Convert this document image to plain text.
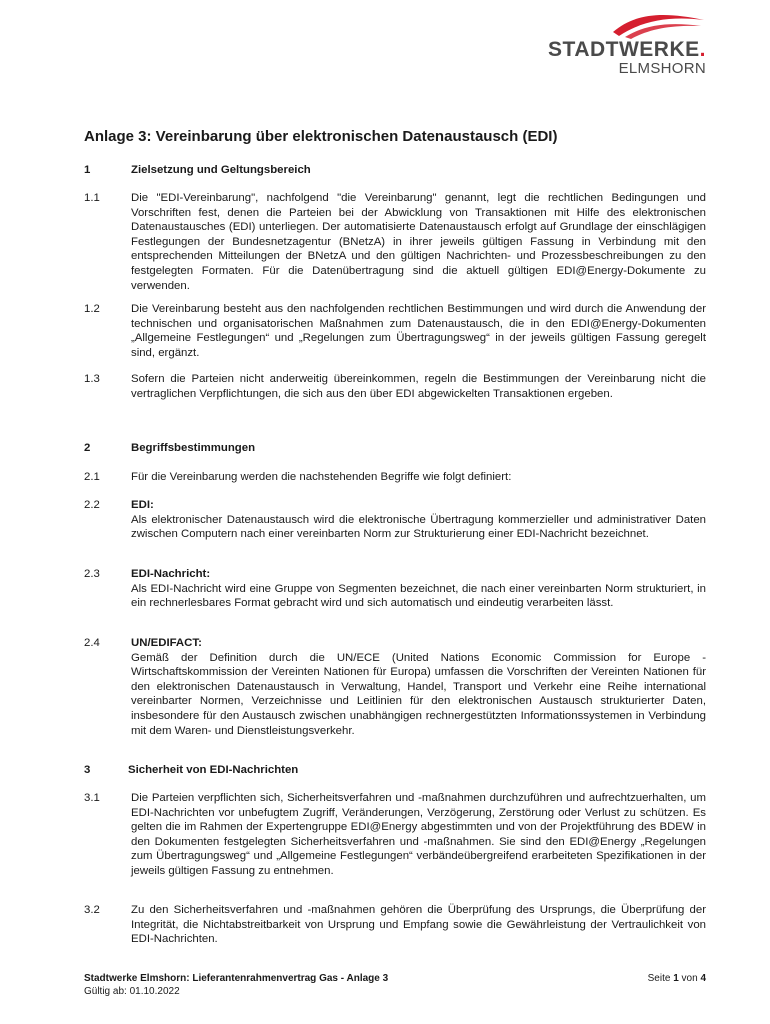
STADTWERKE.
ELMSHORN
Anlage 3: Vereinbarung über elektronischen Datenaustausch (EDI)
1	Zielsetzung und Geltungsbereich
1.1	Die "EDI-Vereinbarung", nachfolgend "die Vereinbarung" genannt, legt die rechtlichen Bedingungen und Vorschriften fest, denen die Parteien bei der Abwicklung von Transaktionen mit Hilfe des elektronischen Datenaustausches (EDI) unterliegen. Der automatisierte Datenaustausch erfolgt auf Grundlage der einschlägigen Festlegungen der Bundesnetzagentur (BNetzA) in ihrer jeweils gültigen Fassung in Verbindung mit den entsprechenden Mitteilungen der BNetzA und den gültigen Nachrichten- und Prozessbeschreibungen zu den festgelegten Formaten. Für die Datenübertragung sind die aktuell gültigen EDI@Energy-Dokumente zu verwenden.
1.2	Die Vereinbarung besteht aus den nachfolgenden rechtlichen Bestimmungen und wird durch die Anwendung der technischen und organisatorischen Maßnahmen zum Datenaustausch, die in den EDI@Energy-Dokumenten „Allgemeine Festlegungen“ und „Regelungen zum Übertragungsweg“ in der jeweils gültigen Fassung geregelt sind, ergänzt.
1.3	Sofern die Parteien nicht anderweitig übereinkommen, regeln die Bestimmungen der Vereinbarung nicht die vertraglichen Verpflichtungen, die sich aus den über EDI abgewickelten Transaktionen ergeben.
2	Begriffsbestimmungen
2.1	Für die Vereinbarung werden die nachstehenden Begriffe wie folgt definiert:
2.2	EDI:
Als elektronischer Datenaustausch wird die elektronische Übertragung kommerzieller und administrativer Daten zwischen Computern nach einer vereinbarten Norm zur Strukturierung einer EDI-Nachricht bezeichnet.
2.3	EDI-Nachricht:
Als EDI-Nachricht wird eine Gruppe von Segmenten bezeichnet, die nach einer vereinbarten Norm strukturiert, in ein rechnerlesbares Format gebracht wird und sich automatisch und eindeutig verarbeiten lässt.
2.4	UN/EDIFACT:
Gemäß der Definition durch die UN/ECE (United Nations Economic Commission for Europe - Wirtschaftskommission der Vereinten Nationen für Europa) umfassen die Vorschriften der Vereinten Nationen für den elektronischen Datenaustausch in Verwaltung, Handel, Transport und Verkehr eine Reihe international vereinbarter Normen, Verzeichnisse und Leitlinien für den elektronischen Austausch strukturierter Daten, insbesondere für den Austausch zwischen unabhängigen rechnergestützten Informationssystemen in Verbindung mit dem Waren- und Dienstleistungsverkehr.
3	Sicherheit von EDI-Nachrichten
3.1	Die Parteien verpflichten sich, Sicherheitsverfahren und -maßnahmen durchzuführen und aufrechtzuerhalten, um EDI-Nachrichten vor unbefugtem Zugriff, Veränderungen, Verzögerung, Zerstörung oder Verlust zu schützen. Es gelten die im Rahmen der Expertengruppe EDI@Energy abgestimmten und von der Projektführung des BDEW in den Dokumenten festgelegten Sicherheitsverfahren und -maßnahmen. Sie sind den EDI@Energy „Regelungen zum Übertragungsweg“ und „Allgemeine Festlegungen“ verbändeübergreifend erarbeiteten Spezifikationen in der jeweils gültigen Fassung zu entnehmen.
3.2	Zu den Sicherheitsverfahren und -maßnahmen gehören die Überprüfung des Ursprungs, die Überprüfung der Integrität, die Nichtabstreitbarkeit von Ursprung und Empfang sowie die Gewährleistung der Vertraulichkeit von EDI-Nachrichten.
Stadtwerke Elmshorn: Lieferantenrahmenvertrag Gas - Anlage 3
Gültig ab: 01.10.2022
Seite 1 von 4
